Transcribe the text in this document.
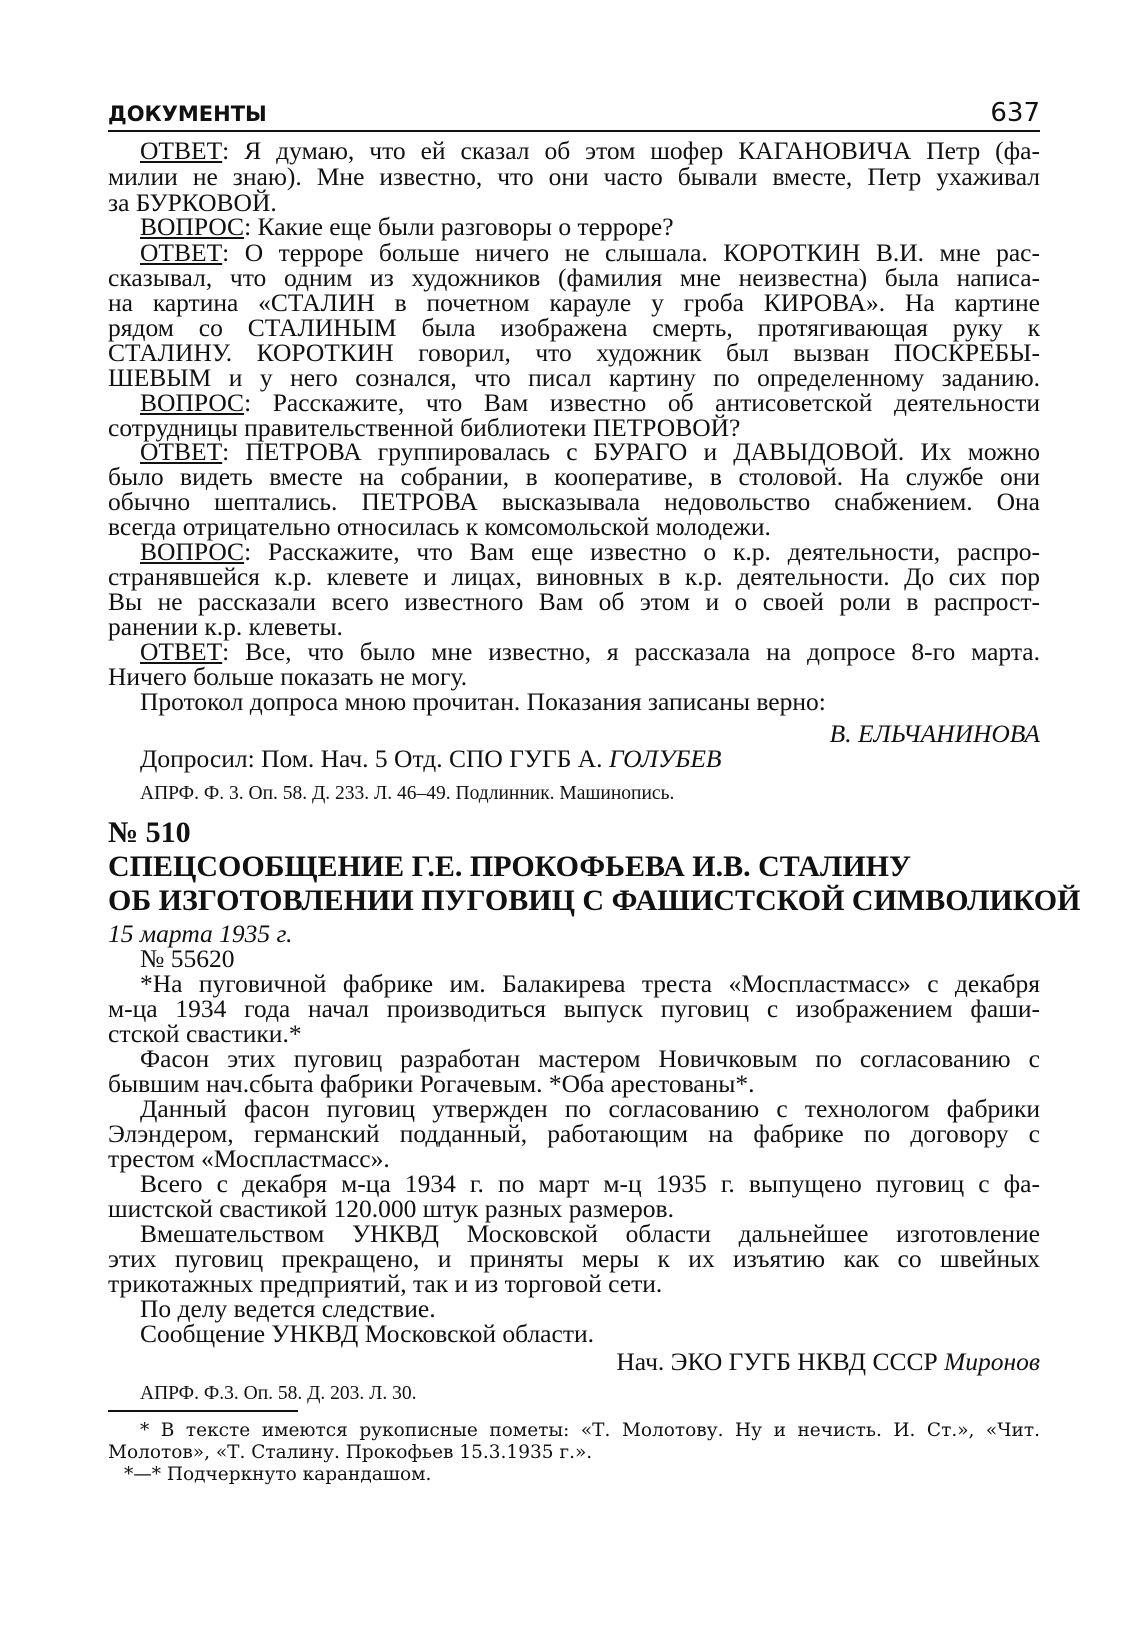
ДОКУМЕНТЫ	637
ОТВЕТ: Я думаю, что ей сказал об этом шофер КАГАНОВИЧА Петр (фа-
милии не знаю). Мне известно, что они часто бывали вместе, Петр ухаживал
за БУРКОВОЙ.
ВОПРОС: Какие еще были разговоры о терроре?
ОТВЕТ: О терроре больше ничего не слышала. КОРОТКИН В.И. мне рас-
сказывал, что одним из художников (фамилия мне неизвестна) была написа-
на картина «СТАЛИН в почетном карауле у гроба КИРОВА». На картине
рядом со СТАЛИНЫМ была изображена смерть, протягивающая руку к
СТАЛИНУ. КОРОТКИН говорил, что художник был вызван ПОСКРЕБЫ-
ШЕВЫМ и у него сознался, что писал картину по определенному заданию.
ВОПРОС: Расскажите, что Вам известно об антисоветской деятельности
сотрудницы правительственной библиотеки ПЕТРОВОЙ?
ОТВЕТ: ПЕТРОВА группировалась с БУРАГО и ДАВЫДОВОЙ. Их можно
было видеть вместе на собрании, в кооперативе, в столовой. На службе они
обычно шептались. ПЕТРОВА высказывала недовольство снабжением. Она
всегда отрицательно относилась к комсомольской молодежи.
ВОПРОС: Расскажите, что Вам еще известно о к.р. деятельности, распро-
странявшейся к.р. клевете и лицах, виновных в к.р. деятельности. До сих пор
Вы не рассказали всего известного Вам об этом и о своей роли в распрост-
ранении к.р. клеветы.
ОТВЕТ: Все, что было мне известно, я рассказала на допросе 8-го марта.
Ничего больше показать не могу.
Протокол допроса мною прочитан. Показания записаны верно:
В. ЕЛЬЧАНИНОВА
Допросил: Пом. Нач. 5 Отд. СПО ГУГБ А. ГОЛУБЕВ
АПРФ. Ф. 3. Оп. 58. Д. 233. Л. 46–49. Подлинник. Машинопись.
№ 510
СПЕЦСООБЩЕНИЕ Г.Е. ПРОКОФЬЕВА И.В. СТАЛИНУ
ОБ ИЗГОТОВЛЕНИИ ПУГОВИЦ С ФАШИСТСКОЙ СИМВОЛИКОЙ
15 марта 1935 г.
№ 55620
*На пуговичной фабрике им. Балакирева треста «Моспластмасс» с декабря
м-ца 1934 года начал производиться выпуск пуговиц с изображением фаши-
стской свастики.*
Фасон этих пуговиц разработан мастером Новичковым по согласованию с
бывшим нач.сбыта фабрики Рогачевым. *Оба арестованы*.
Данный фасон пуговиц утвержден по согласованию с технологом фабрики
Элэндером, германский подданный, работающим на фабрике по договору с
трестом «Моспластмасс».
Всего с декабря м-ца 1934 г. по март м-ц 1935 г. выпущено пуговиц с фа-
шистской свастикой 120.000 штук разных размеров.
Вмешательством УНКВД Московской области дальнейшее изготовление
этих пуговиц прекращено, и приняты меры к их изъятию как со швейных
трикотажных предприятий, так и из торговой сети.
По делу ведется следствие.
Сообщение УНКВД Московской области.
Нач. ЭКО ГУГБ НКВД СССР Миронов
АПРФ. Ф.3. Оп. 58. Д. 203. Л. 30.
* В тексте имеются рукописные пометы: «Т. Молотову. Ну и нечисть. И. Ст.», «Чит.
Молотов», «Т. Сталину. Прокофьев 15.3.1935 г.».
*—* Подчеркнуто карандашом.
